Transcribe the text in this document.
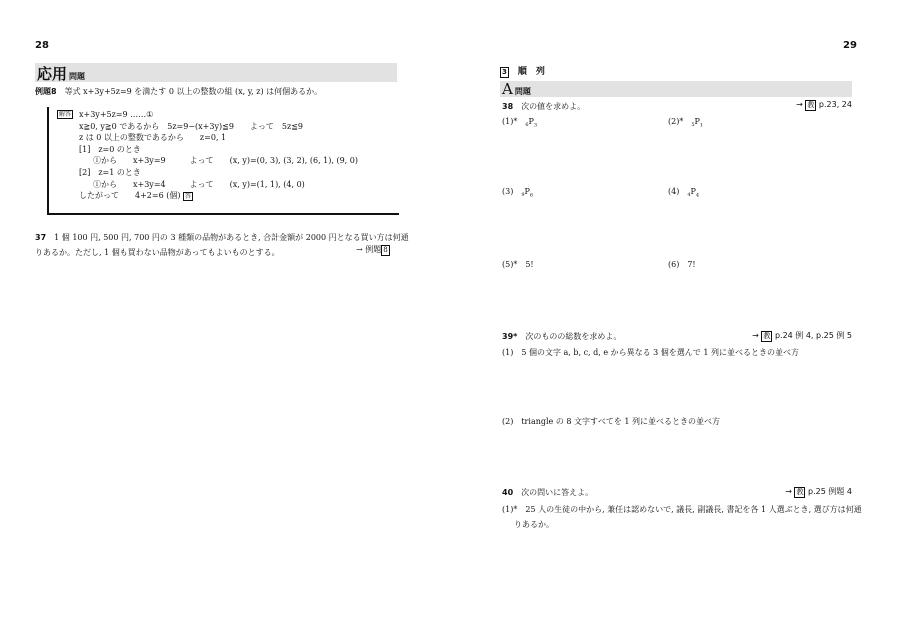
28
応用 問題
例題8　 等式 x+3y+5z=9 を満たす 0 以上の整数の組 (x, y, z) は何個あるか。
解答 x+3y+5z=9 ……①
x≧0, y≧0 であるから　5z=9−(x+3y)≦9　　よって　5z≦9
z は 0 以上の整数であるから　　z=0, 1
[1]　z=0 のとき
①から　　x+3y=9　　　よって　　(x, y)=(0, 3), (3, 2), (6, 1), (9, 0)
[2]　z=1 のとき
①から　　x+3y=4　　　よって　　(x, y)=(1, 1), (4, 0)
したがって　　4+2=6 (個) 答
37　 1 個 100 円, 500 円, 700 円の 3 種類の品物があるとき, 合計金額が 2000 円となる買い方は何通
りあるか。ただし, 1 個も買わない品物があってもよいものとする。	→ 例題 8
29
3　 順　列
A問題
38　 次の値を求めよ。	→ 教 p.23, 24
(1)*　 $_6P_3$	(2)*　 $_5P_1$
(3)　 $_9P_6$	(4)　 $_4P_4$
(5)*　 5!	(6)　 7!
39*　 次のものの総数を求めよ。	→ 教 p.24 例 4, p.25 例 5
(1)　 5 個の文字 a, b, c, d, e から異なる 3 個を選んで 1 列に並べるときの並べ方
(2)　 triangle の 8 文字すべてを 1 列に並べるときの並べ方
40　 次の問いに答えよ。	→ 教 p.25 例題 4
(1)*　 25 人の生徒の中から, 兼任は認めないで, 議長, 副議長, 書記を各 1 人選ぶとき, 選び方は何通
りあるか。
